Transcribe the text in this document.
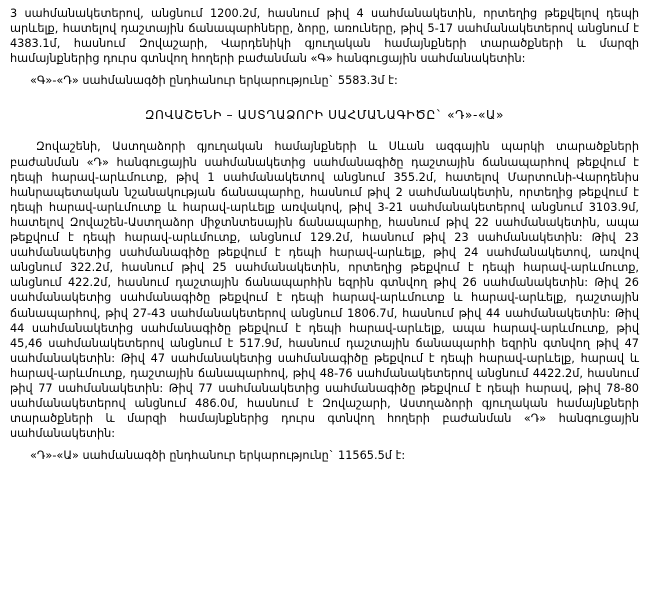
3 սահմանակետերով, անցնում 1200.2մ, հասնում թիվ 4 սահմանակետին, որտեղից թեքվելով դեպի արևելք, հատելով դաշտային ճանապարհները, ձորը, առուները, թիվ 5-17 սահմանակետերով անցնում է 4383.1մ, հասնում Զովաշարի, Վարդենիկի գյուղական համայնքների տարածքների և մարզի համայնքներից դուրս գտնվող հողերի բաժանման «Գ» հանգուցային սահմանակետին:

«Գ»-«Դ» սահմանագծի ընդհանուր երկարությունը` 5583.3մ է:

ԶՈՎԱՇԵՆԻ – ԱՍՏՂԱՁՈՐԻ ՍԱՀՄԱՆԱԳԻԾԸ` «Դ»-«Ա»

Զովաշենի, Աստղաձորի գյուղական համայնքների և Սևան ազգային պարկի տարածքների բաժանման «Դ» հանգուցային սահմանակետից սահմանագիծը դաշտային ճանապարհով թեքվում է դեպի հարավ-արևմուտք, թիվ 1 սահմանակետով անցնում 355.2մ, հատելով Մարտունի-Վարդենիս հանրապետական նշանակության ճանապարհը, հասնում թիվ 2 սահմանակետին, որտեղից թեքվում է դեպի հարավ-արևմուտք և հարավ-արևելք առվակով, թիվ 3-21 սահմանակետերով անցնում 3103.9մ, հատելով Զովաշեն-Աստղաձոր միջտնտեսային ճանապարհը, հասնում թիվ 22 սահմանակետին, ապա թեքվում է դեպի հարավ-արևմուտք, անցնում 129.2մ, հասնում թիվ 23 սահմանակետին: Թիվ 23 սահմանակետից սահմանագիծը թեքվում է դեպի հարավ-արևելք, թիվ 24 սահմանակետով, առվով անցնում 322.2մ, հասնում թիվ 25 սահմանակետին, որտեղից թեքվում է դեպի հարավ-արևմուտք, անցնում 422.2մ, հասնում դաշտային ճանապարհին եզրին գտնվող թիվ 26 սահմանակետին: Թիվ 26 սահմանակետից սահմանագիծը թեքվում է դեպի հարավ-արևմուտք և հարավ-արևելք, դաշտային ճանապարհով, թիվ 27-43 սահմանակետերով անցնում 1806.7մ, հասնում թիվ 44 սահմանակետին: Թիվ 44 սահմանակետից սահմանագիծը թեքվում է դեպի հարավ-արևելք, ապա հարավ-արևմուտք, թիվ 45,46 սահմանակետերով անցնում է 517.9մ, հասնում դաշտային ճանապարհի եզրին գտնվող թիվ 47 սահմանակետին: Թիվ 47 սահմանակետից սահմանագիծը թեքվում է դեպի հարավ-արևելք, հարավ և հարավ-արևմուտք, դաշտային ճանապարհով, թիվ 48-76 սահմանակետերով անցնում 4422.2մ, հասնում թիվ 77 սահմանակետին: Թիվ 77 սահմանակետից սահմանագիծը թեքվում է դեպի հարավ, թիվ 78-80 սահմանակետերով անցնում 486.0մ, հասնում է Զովաշարի, Աստղաձորի գյուղական համայնքների տարածքների և մարզի համայնքներից դուրս գտնվող հողերի բաժանման «Դ» հանգուցային սահմանակետին:

«Դ»-«Ա» սահմանագծի ընդհանուր երկարությունը` 11565.5մ է:
